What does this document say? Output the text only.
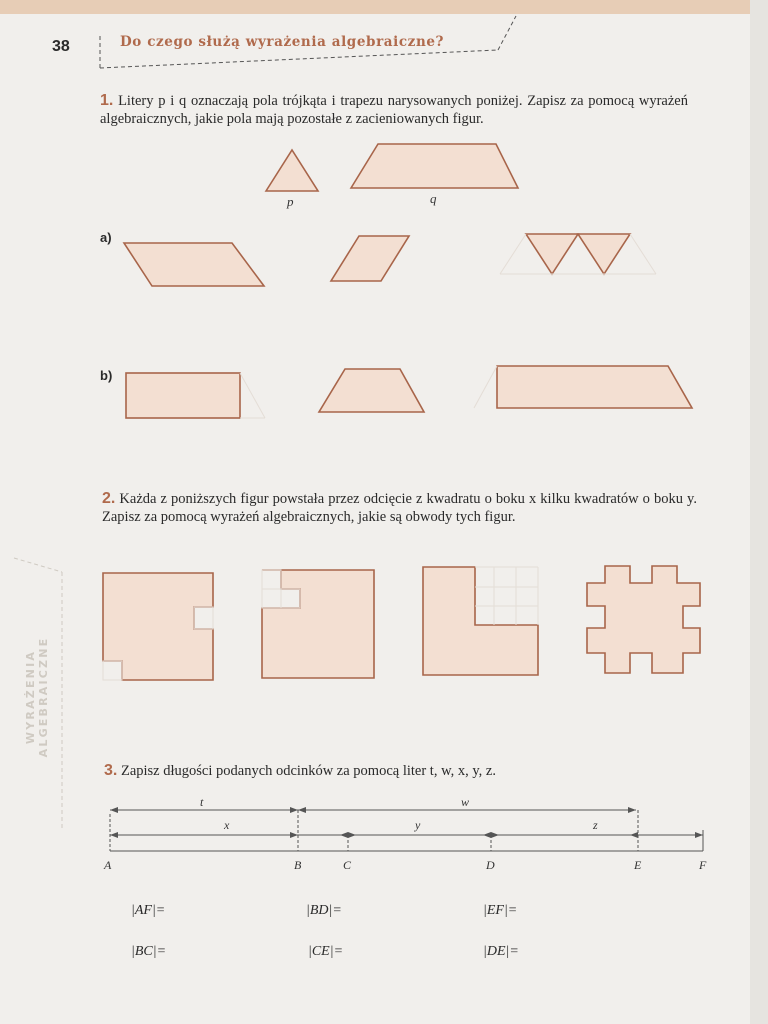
38	Do czego służą wyrażenia algebraiczne?
WYRAŻENIA ALGEBRAICZNE
1. Litery p i q oznaczają pola trójkąta i trapezu narysowanych poniżej. Zapisz za pomocą wyrażeń algebraicznych, jakie pola mają pozostałe z zacieniowanych figur.
p	q
a)
b)
2. Każda z poniższych figur powstała przez odcięcie z kwadratu o boku x kilku kwadratów o boku y. Zapisz za pomocą wyrażeń algebraicznych, jakie są obwody tych figur.
3. Zapisz długości podanych odcinków za pomocą liter t, w, x, y, z.
t	w
x	y	z
A	B	C	D	E	F
|AF|=	|BD|=	|EF|=
|BC|=	|CE|=	|DE|=
